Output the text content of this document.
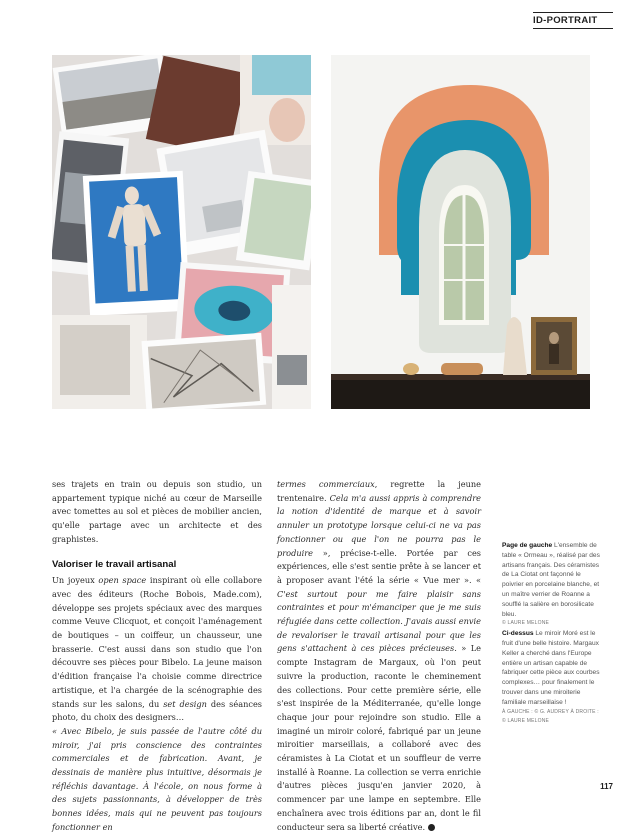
ID-PORTRAIT

ses trajets en train ou depuis son studio, un appartement typique niché au cœur de Marseille avec tomettes au sol et pièces de mobilier ancien, qu'elle partage avec un architecte et des graphistes.

Valoriser le travail artisanal

Un joyeux open space inspirant où elle collabore avec des éditeurs (Roche Bobois, Made.com), développe ses projets spéciaux avec des marques comme Veuve Clicquot, et conçoit l'aménagement de boutiques – un coiffeur, un chausseur, une brasserie. C'est aussi dans son studio que l'on découvre ses pièces pour Bibelo. La jeune maison d'édition française l'a choisie comme directrice artistique, et l'a chargée de la scénographie des stands sur les salons, du set design des séances photo, du choix des designers…

« Avec Bibelo, je suis passée de l'autre côté du miroir, j'ai pris conscience des contraintes commerciales et de fabrication. Avant, je dessinais de manière plus intuitive, désormais je réfléchis davantage. À l'école, on nous forme à des sujets passionnants, à développer de très bonnes idées, mais qui ne peuvent pas toujours fonctionner en

termes commerciaux, regrette la jeune trentenaire. Cela m'a aussi appris à comprendre la notion d'identité de marque et à savoir annuler un prototype lorsque celui-ci ne va pas fonctionner ou que l'on ne pourra pas le produire », précise-t-elle. Portée par ces expériences, elle s'est sentie prête à se lancer et à proposer avant l'été la série « Vue mer ». « C'est surtout pour me faire plaisir sans contraintes et pour m'émanciper que je me suis réfugiée dans cette collection. J'avais aussi envie de revaloriser le travail artisanal pour que les gens s'attachent à ces pièces précieuses. » Le compte Instagram de Margaux, où l'on peut suivre la production, raconte le cheminement des collections. Pour cette première série, elle s'est inspirée de la Méditerranée, qu'elle longe chaque jour pour rejoindre son studio. Elle a imaginé un miroir coloré, fabriqué par un jeune miroitier marseillais, a collaboré avec des céramistes à La Ciotat et un souffleur de verre installé à Roanne. La collection se verra enrichie d'autres pièces jusqu'en janvier 2020, à commencer par une lampe en septembre. Elle enchaînera avec trois éditions par an, dont le fil conducteur sera sa liberté créative.

Page de gauche L'ensemble de table « Ormeau », réalisé par des artisans français. Des céramistes de La Ciotat ont façonné le poivrier en porcelaine blanche, et un maître verrier de Roanne a soufflé la salière en borosilicate bleu.
© LAURE MELONE
Ci-dessus Le miroir Moré est le fruit d'une belle histoire. Margaux Keller a cherché dans l'Europe entière un artisan capable de fabriquer cette pièce aux courbes complexes… pour finalement le trouver dans une miroiterie familiale marseillaise !
À GAUCHE : © G. AUDREY À DROITE : © LAURE MELONE
117
